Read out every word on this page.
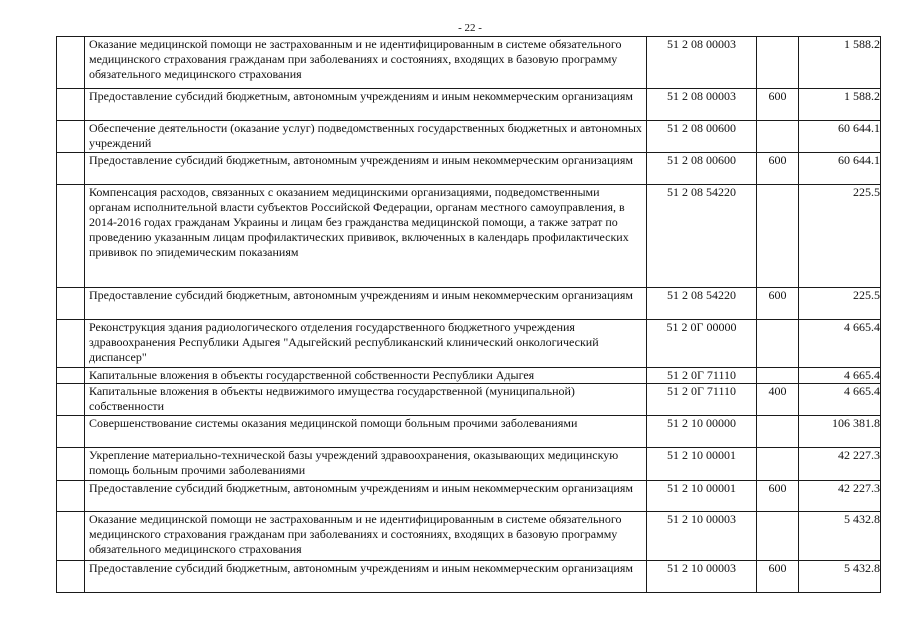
- 22 -
	Оказание медицинской помощи не застрахованным и не идентифицированным в системе обязательного медицинского страхования гражданам при заболеваниях и состояниях, входящих в базовую программу обязательного медицинского страхования	51 2 08 00003		1 588.2
	Предоставление субсидий бюджетным, автономным учреждениям и иным некоммерческим организациям	51 2 08 00003	600	1 588.2
	Обеспечение деятельности (оказание услуг) подведомственных государственных бюджетных и автономных учреждений	51 2 08 00600		60 644.1
	Предоставление субсидий бюджетным, автономным учреждениям и иным некоммерческим организациям	51 2 08 00600	600	60 644.1
	Компенсация расходов, связанных с оказанием медицинскими организациями, подведомственными органам исполнительной власти субъектов Российской Федерации, органам местного самоуправления, в 2014-2016 годах гражданам Украины и лицам без гражданства медицинской помощи, а также затрат по проведению указанным лицам профилактических прививок, включенных в календарь профилактических прививок по эпидемическим показаниям	51 2 08 54220		225.5
	Предоставление субсидий бюджетным, автономным учреждениям и иным некоммерческим организациям	51 2 08 54220	600	225.5
	Реконструкция здания радиологического отделения государственного бюджетного учреждения здравоохранения Республики Адыгея "Адыгейский республиканский клинический онкологический диспансер"	51 2 0Г 00000		4 665.4
	Капитальные вложения в объекты государственной собственности Республики Адыгея	51 2 0Г 71110		4 665.4
	Капитальные вложения в объекты недвижимого имущества государственной (муниципальной) собственности	51 2 0Г 71110	400	4 665.4
	Совершенствование системы оказания медицинской помощи больным прочими заболеваниями	51 2 10 00000		106 381.8
	Укрепление материально-технической базы учреждений здравоохранения, оказывающих медицинскую помощь больным прочими заболеваниями	51 2 10 00001		42 227.3
	Предоставление субсидий бюджетным, автономным учреждениям и иным некоммерческим организациям	51 2 10 00001	600	42 227.3
	Оказание медицинской помощи не застрахованным и не идентифицированным в системе обязательного медицинского страхования гражданам при заболеваниях и состояниях, входящих в базовую программу обязательного медицинского страхования	51 2 10 00003		5 432.8
	Предоставление субсидий бюджетным, автономным учреждениям и иным некоммерческим организациям	51 2 10 00003	600	5 432.8
